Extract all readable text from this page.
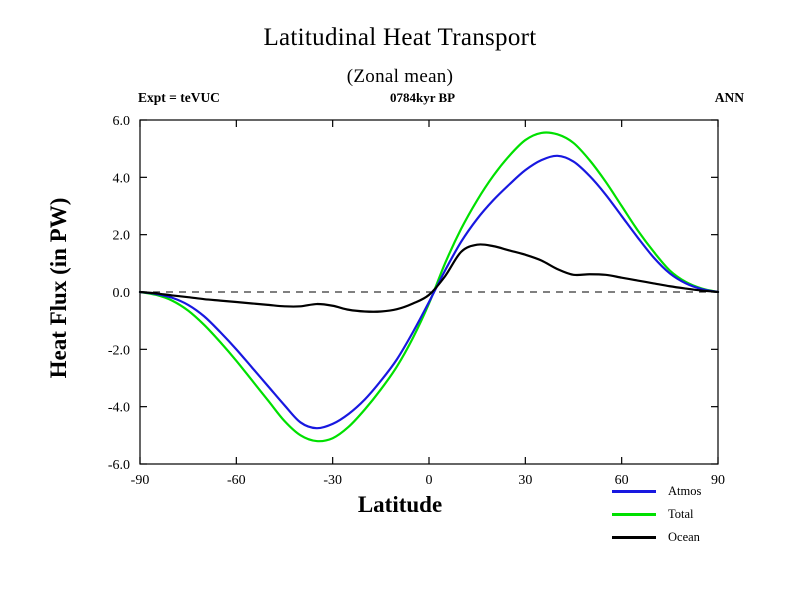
Latitudinal Heat Transport
(Zonal mean)
Expt = teVUC	0784kyr BP	ANN
-90	-60	-30	0	30	60	90
-6.0
-4.0
-2.0
0.0
2.0
4.0
6.0
Latitude
Heat Flux (in PW)
Atmos
Total
Ocean
